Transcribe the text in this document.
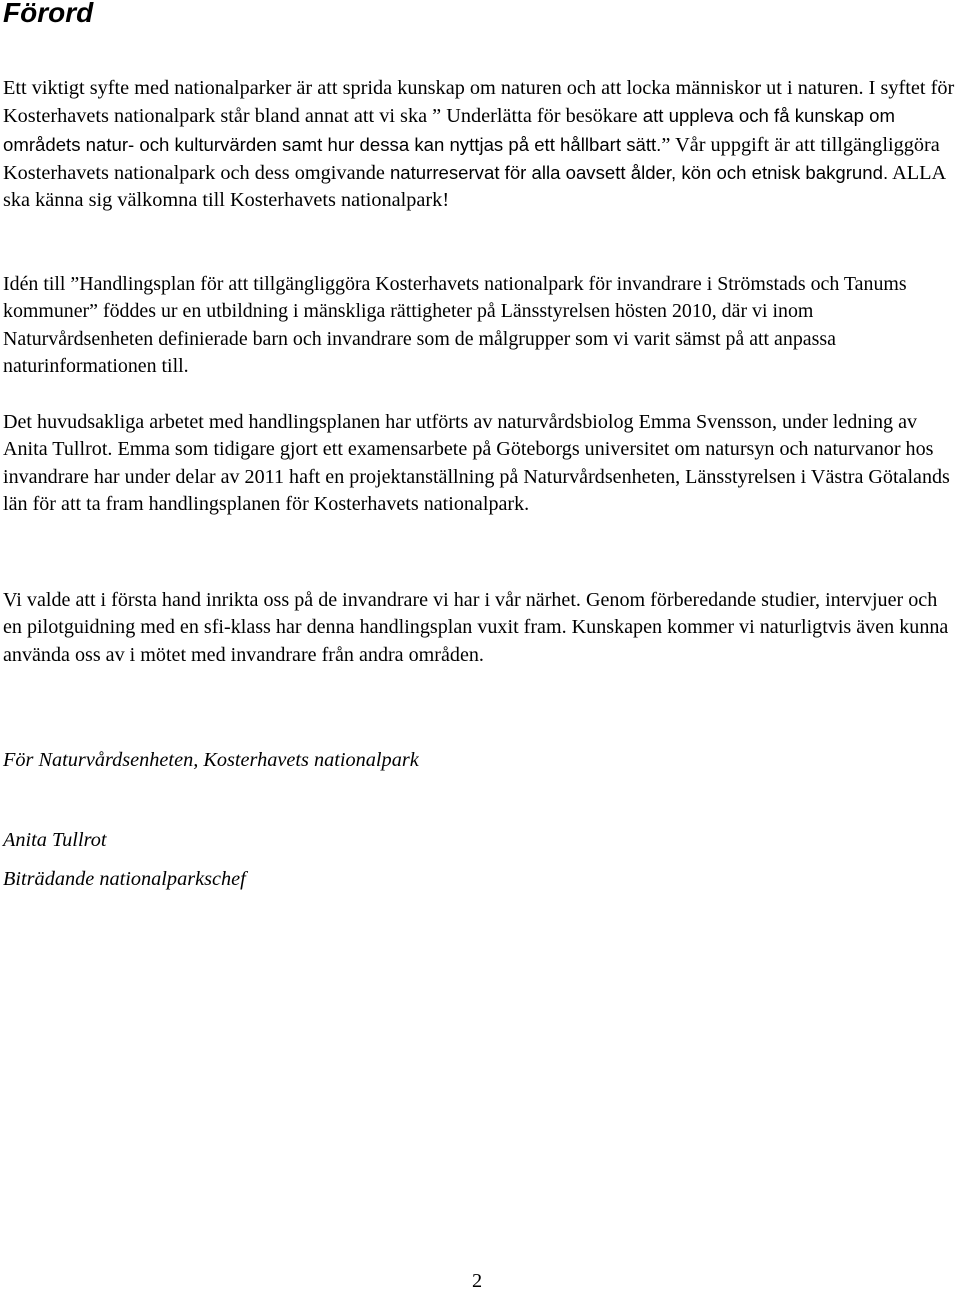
Förord

Ett viktigt syfte med nationalparker är att sprida kunskap om naturen och att locka människor ut i naturen. I syftet för Kosterhavets nationalpark står bland annat att vi ska ” Underlätta för besökare att uppleva och få kunskap om områdets natur- och kulturvärden samt hur dessa kan nyttjas på ett hållbart sätt.” Vår uppgift är att tillgängliggöra Kosterhavets nationalpark och dess omgivande naturreservat för alla oavsett ålder, kön och etnisk bakgrund. ALLA ska känna sig välkomna till Kosterhavets nationalpark!

Idén till ”Handlingsplan för att tillgängliggöra Kosterhavets nationalpark för invandrare i Strömstads och Tanums kommuner” föddes ur en utbildning i mänskliga rättigheter på Länsstyrelsen hösten 2010, där vi inom Naturvårdsenheten definierade barn och invandrare som de målgrupper som vi varit sämst på att anpassa naturinformationen till.

Det huvudsakliga arbetet med handlingsplanen har utförts av naturvårdsbiolog Emma Svensson, under ledning av Anita Tullrot. Emma som tidigare gjort ett examensarbete på Göteborgs universitet om natursyn och naturvanor hos invandrare har under delar av 2011 haft en projektanställning på Naturvårdsenheten, Länsstyrelsen i Västra Götalands län för att ta fram handlingsplanen för Kosterhavets nationalpark.

Vi valde att i första hand inrikta oss på de invandrare vi har i vår närhet. Genom förberedande studier, intervjuer och en pilotguidning med en sfi-klass har denna handlingsplan vuxit fram. Kunskapen kommer vi naturligtvis även kunna använda oss av i mötet med invandrare från andra områden.

För Naturvårdsenheten, Kosterhavets nationalpark

Anita Tullrot

Biträdande nationalparkschef

2
